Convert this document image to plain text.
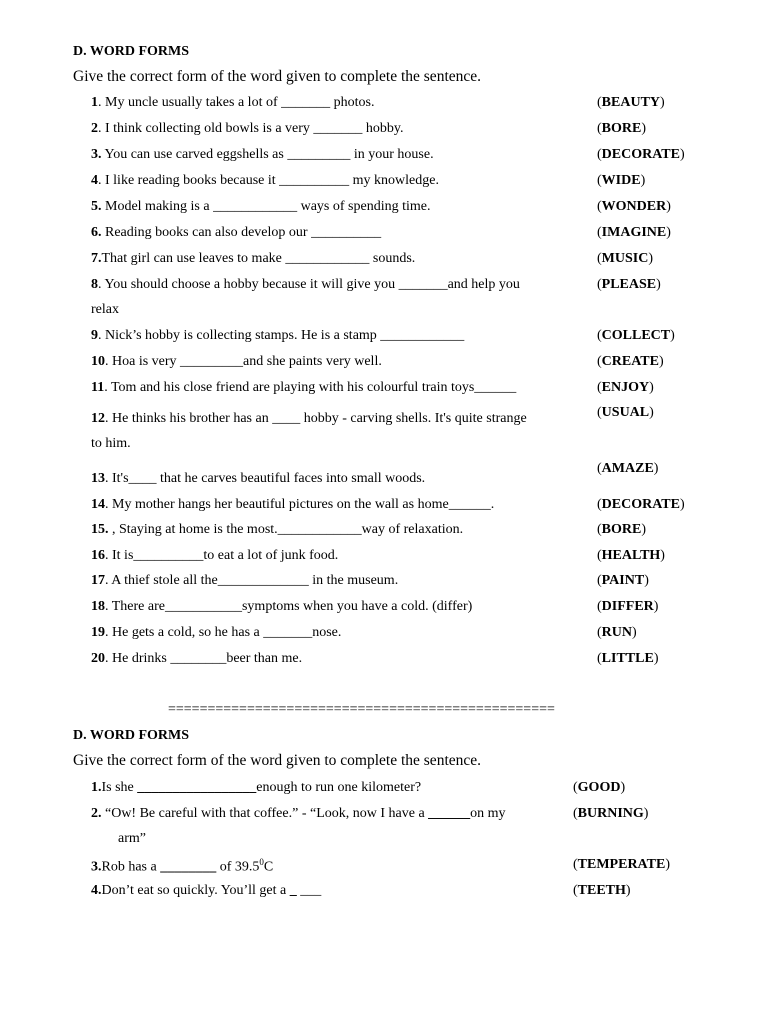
D. WORD FORMS
Give the correct form of the word given to complete the sentence.
1. My uncle usually takes a lot of _______ photos.	(BEAUTY)
2. I think collecting old bowls is a very _______ hobby.	(BORE)
3. You can use carved eggshells as _________ in your house.	(DECORATE)
4. I like reading books because it __________ my knowledge.	(WIDE)
5. Model making is a ____________ ways of spending time.	(WONDER)
6. Reading books can also develop our __________	(IMAGINE)
7.That girl can use leaves to make ____________ sounds.	(MUSIC)
8. You should choose a hobby because it will give you _______and help you
relax
(PLEASE)
9. Nick’s hobby is collecting stamps. He is a stamp ____________	(COLLECT)
10. Hoa is very _________and she paints very well.	(CREATE)
11. Tom and his close friend are playing with his colourful train toys______	(ENJOY)
12. He thinks his brother has an ____ hobby - carving shells. It's quite strange
to him.
(USUAL)
13. It's____ that he carves beautiful faces into small woods.
(AMAZE)
14. My mother hangs her beautiful pictures on the wall as home______.	(DECORATE)
15. , Staying at home is the most.____________way of relaxation.	(BORE)
16. It is__________to eat a lot of junk food.	(HEALTH)
17. A thief stole all the_____________ in the museum.	(PAINT)
18. There are___________symptoms when you have a cold. (differ)	(DIFFER)
19. He gets a cold, so he has a _______nose.	(RUN)
20. He drinks ________beer than me.	(LITTLE)
=================================================
D. WORD FORMS
Give the correct form of the word given to complete the sentence.
1.Is she _________________enough to run one kilometer?	(GOOD)
2. “Ow! Be careful with that coffee.” - “Look, now I have a ______on my
arm”
(BURNING)
3.Rob has a ________ of 39.5$^0$C	(TEMPERATE)
4.Don’t eat so quickly. You’ll get a _ ___	(TEETH)
